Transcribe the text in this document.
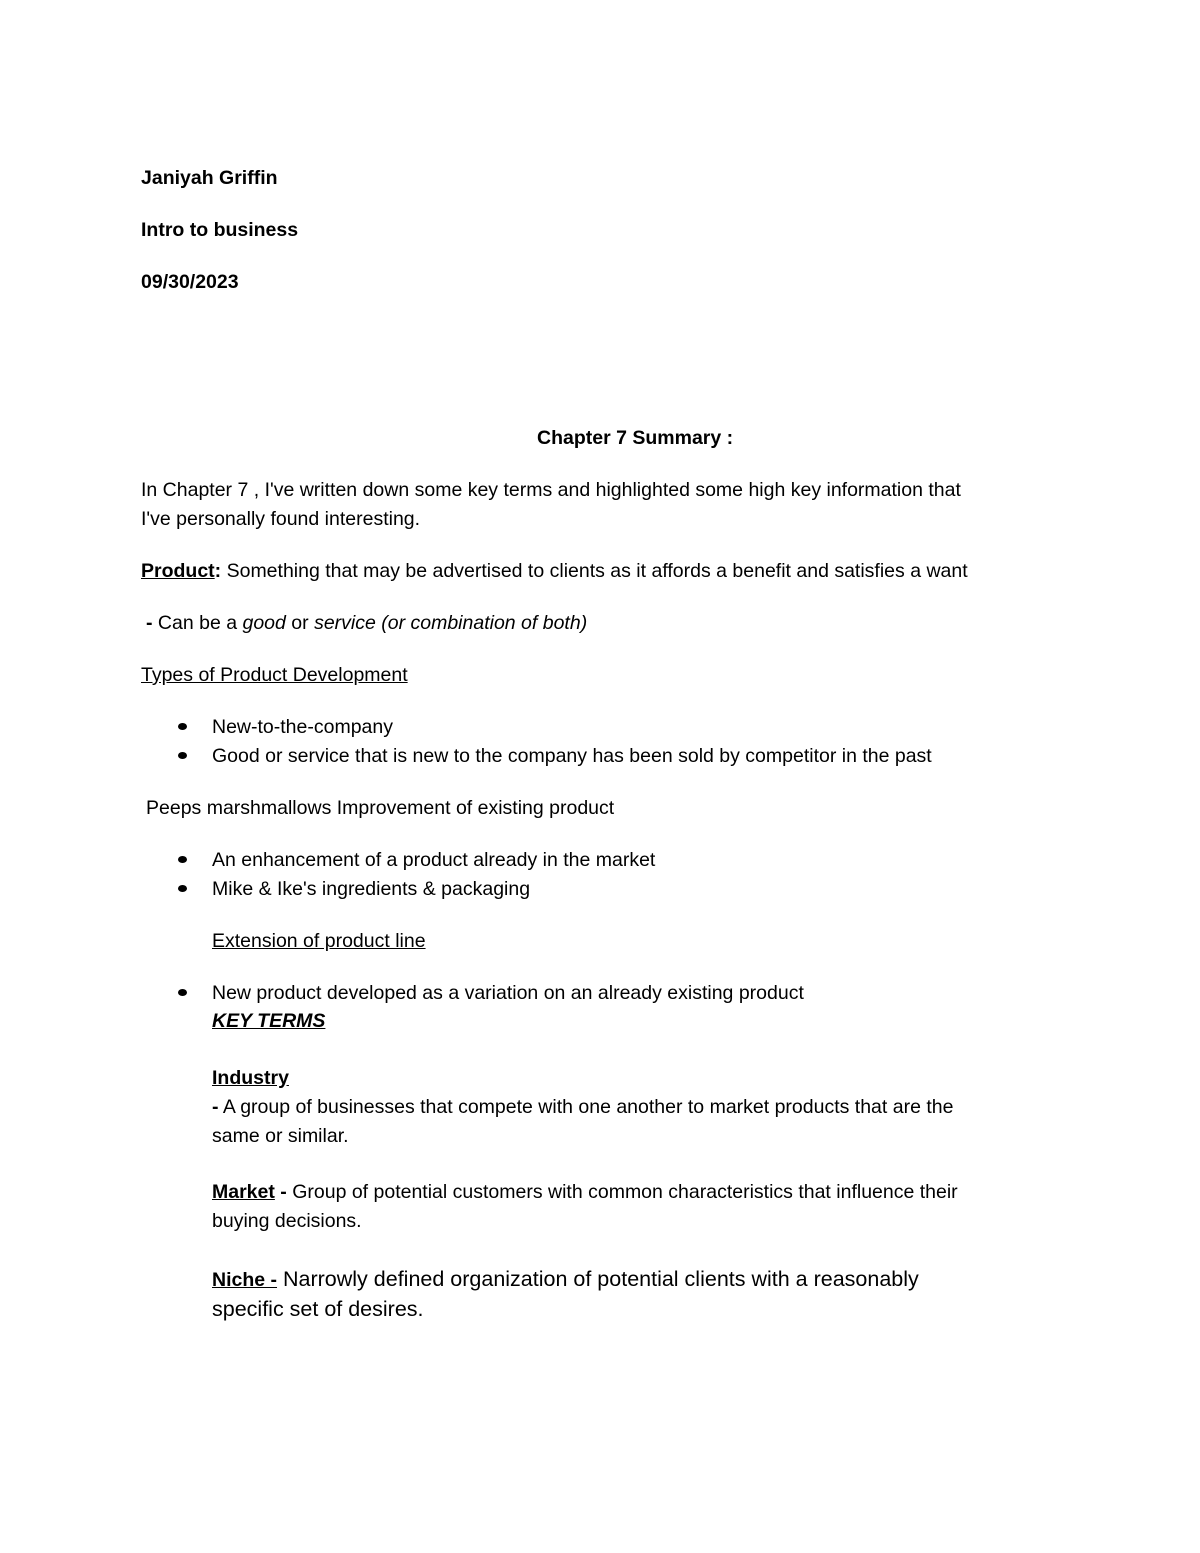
Janiyah Griffin
Intro to business
09/30/2023
Chapter 7 Summary :
In Chapter 7 , I've written down some key terms and highlighted some high key information that
I've personally found interesting.
Product: Something that may be advertised to clients as it affords a benefit and satisfies a want
- Can be a good or service (or combination of both)
Types of Product Development
New-to-the-company
Good or service that is new to the company has been sold by competitor in the past
Peeps marshmallows Improvement of existing product
An enhancement of a product already in the market
Mike & Ike's ingredients & packaging
Extension of product line
New product developed as a variation on an already existing product
KEY TERMS
Industry
- A group of businesses that compete with one another to market products that are the
same or similar.
Market - Group of potential customers with common characteristics that influence their
buying decisions.
Niche - Narrowly defined organization of potential clients with a reasonably
specific set of desires.
